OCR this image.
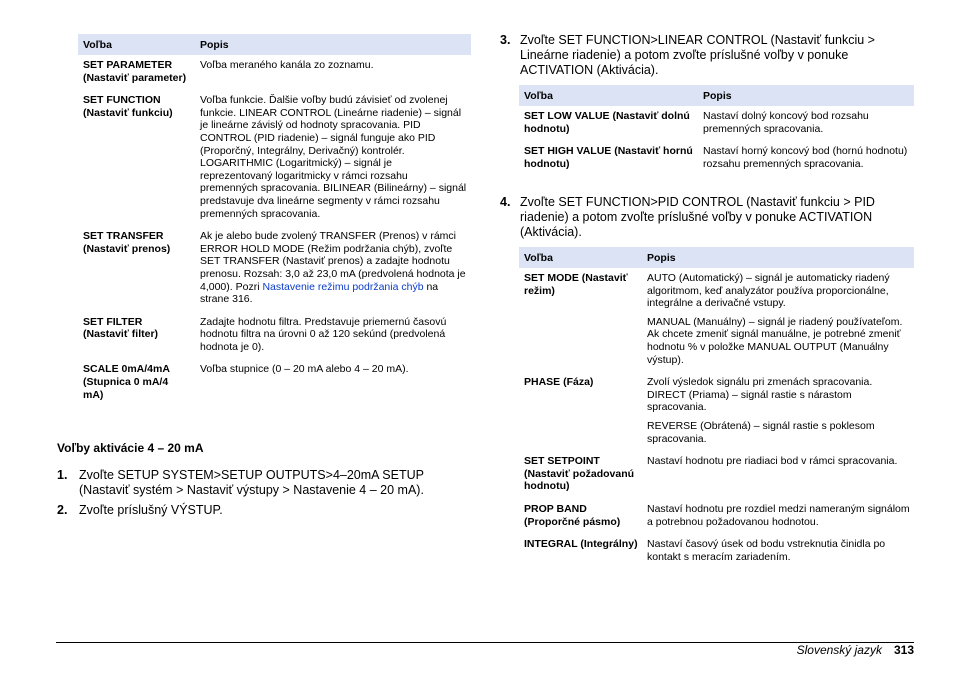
Voľba	Popis
SET PARAMETER (Nastaviť parameter)	Voľba meraného kanála zo zoznamu.
SET FUNCTION (Nastaviť funkciu)	Voľba funkcie. Ďalšie voľby budú závisieť od zvolenej funkcie. LINEAR CONTROL (Lineárne riadenie) – signál je lineárne závislý od hodnoty spracovania. PID CONTROL (PID riadenie) – signál funguje ako PID (Proporčný, Integrálny, Derivačný) kontrolér. LOGARITHMIC (Logaritmický) – signál je reprezentovaný logaritmicky v rámci rozsahu premenných spracovania. BILINEAR (Bilineárny) – signál predstavuje dva lineárne segmenty v rámci rozsahu premenných spracovania.
SET TRANSFER (Nastaviť prenos)	Ak je alebo bude zvolený TRANSFER (Prenos) v rámci ERROR HOLD MODE (Režim podržania chýb), zvoľte SET TRANSFER (Nastaviť prenos) a zadajte hodnotu prenosu. Rozsah: 3,0 až 23,0 mA (predvolená hodnota je 4,000). Pozri Nastavenie režimu podržania chýb na strane 316.
SET FILTER (Nastaviť filter)	Zadajte hodnotu filtra. Predstavuje priemernú časovú hodnotu filtra na úrovni 0 až 120 sekúnd (predvolená hodnota je 0).
SCALE 0mA/4mA (Stupnica 0 mA/4 mA)	Voľba stupnice (0 – 20 mA alebo 4 – 20 mA).
Voľby aktivácie 4 – 20 mA
1. Zvoľte SETUP SYSTEM>SETUP OUTPUTS>4–20mA SETUP (Nastaviť systém > Nastaviť výstupy > Nastavenie 4 – 20 mA).
2. Zvoľte príslušný VÝSTUP.
3. Zvoľte SET FUNCTION>LINEAR CONTROL (Nastaviť funkciu > Lineárne riadenie) a potom zvoľte príslušné voľby v ponuke ACTIVATION (Aktivácia).
Voľba	Popis
SET LOW VALUE (Nastaviť dolnú hodnotu)	Nastaví dolný koncový bod rozsahu premenných spracovania.
SET HIGH VALUE (Nastaviť hornú hodnotu)	Nastaví horný koncový bod (hornú hodnotu) rozsahu premenných spracovania.
4. Zvoľte SET FUNCTION>PID CONTROL (Nastaviť funkciu > PID riadenie) a potom zvoľte príslušné voľby v ponuke ACTIVATION (Aktivácia).
Voľba	Popis
SET MODE (Nastaviť režim)	AUTO (Automatický) – signál je automaticky riadený algoritmom, keď analyzátor používa proporcionálne, integrálne a derivačné vstupy.

MANUAL (Manuálny) – signál je riadený používateľom. Ak chcete zmeniť signál manuálne, je potrebné zmeniť hodnotu % v položke MANUAL OUTPUT (Manuálny výstup).

PHASE (Fáza)	Zvolí výsledok signálu pri zmenách spracovania. DIRECT (Priama) – signál rastie s nárastom spracovania.

REVERSE (Obrátená) – signál rastie s poklesom spracovania.

SET SETPOINT (Nastaviť požadovanú hodnotu)	Nastaví hodnotu pre riadiaci bod v rámci spracovania.
PROP BAND (Proporčné pásmo)	Nastaví hodnotu pre rozdiel medzi nameraným signálom a potrebnou požadovanou hodnotou.
INTEGRAL (Integrálny)	Nastaví časový úsek od bodu vstreknutia činidla po kontakt s meracím zariadením.
Slovenský jazyk 313
